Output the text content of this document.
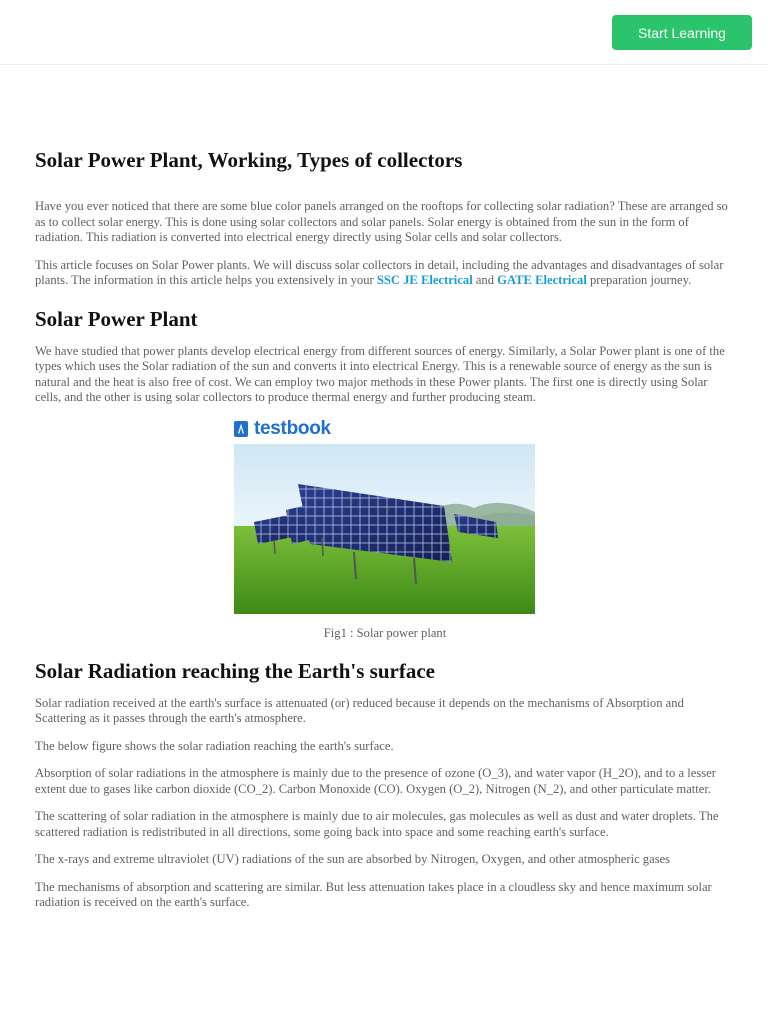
Start Learning
Solar Power Plant, Working, Types of collectors

Have you ever noticed that there are some blue color panels arranged on the rooftops for collecting solar radiation? These are arranged so as to collect solar energy. This is done using solar collectors and solar panels. Solar energy is obtained from the sun in the form of radiation. This radiation is converted into electrical energy directly using Solar cells and solar collectors.

This article focuses on Solar Power plants. We will discuss solar collectors in detail, including the advantages and disadvantages of solar plants. The information in this article helps you extensively in your SSC JE Electrical and GATE Electrical preparation journey.

Solar Power Plant

We have studied that power plants develop electrical energy from different sources of energy. Similarly, a Solar Power plant is one of the types which uses the Solar radiation of the sun and converts it into electrical Energy. This is a renewable source of energy as the sun is natural and the heat is also free of cost. We can employ two major methods in these Power plants. The first one is directly using Solar cells, and the other is using solar collectors to produce thermal energy and further producing steam.

testbook
Fig1 : Solar power plant
Solar Radiation reaching the Earth's surface

Solar radiation received at the earth's surface is attenuated (or) reduced because it depends on the mechanisms of Absorption and Scattering as it passes through the earth's atmosphere.

The below figure shows the solar radiation reaching the earth's surface.

Absorption of solar radiations in the atmosphere is mainly due to the presence of ozone (O_3), and water vapor (H_2O), and to a lesser extent due to gases like carbon dioxide (CO_2). Carbon Monoxide (CO). Oxygen (O_2), Nitrogen (N_2), and other particulate matter.

The scattering of solar radiation in the atmosphere is mainly due to air molecules, gas molecules as well as dust and water droplets. The scattered radiation is redistributed in all directions, some going back into space and some reaching earth's surface.

The x-rays and extreme ultraviolet (UV) radiations of the sun are absorbed by Nitrogen, Oxygen, and other atmospheric gases

The mechanisms of absorption and scattering are similar. But less attenuation takes place in a cloudless sky and hence maximum solar radiation is received on the earth's surface.
